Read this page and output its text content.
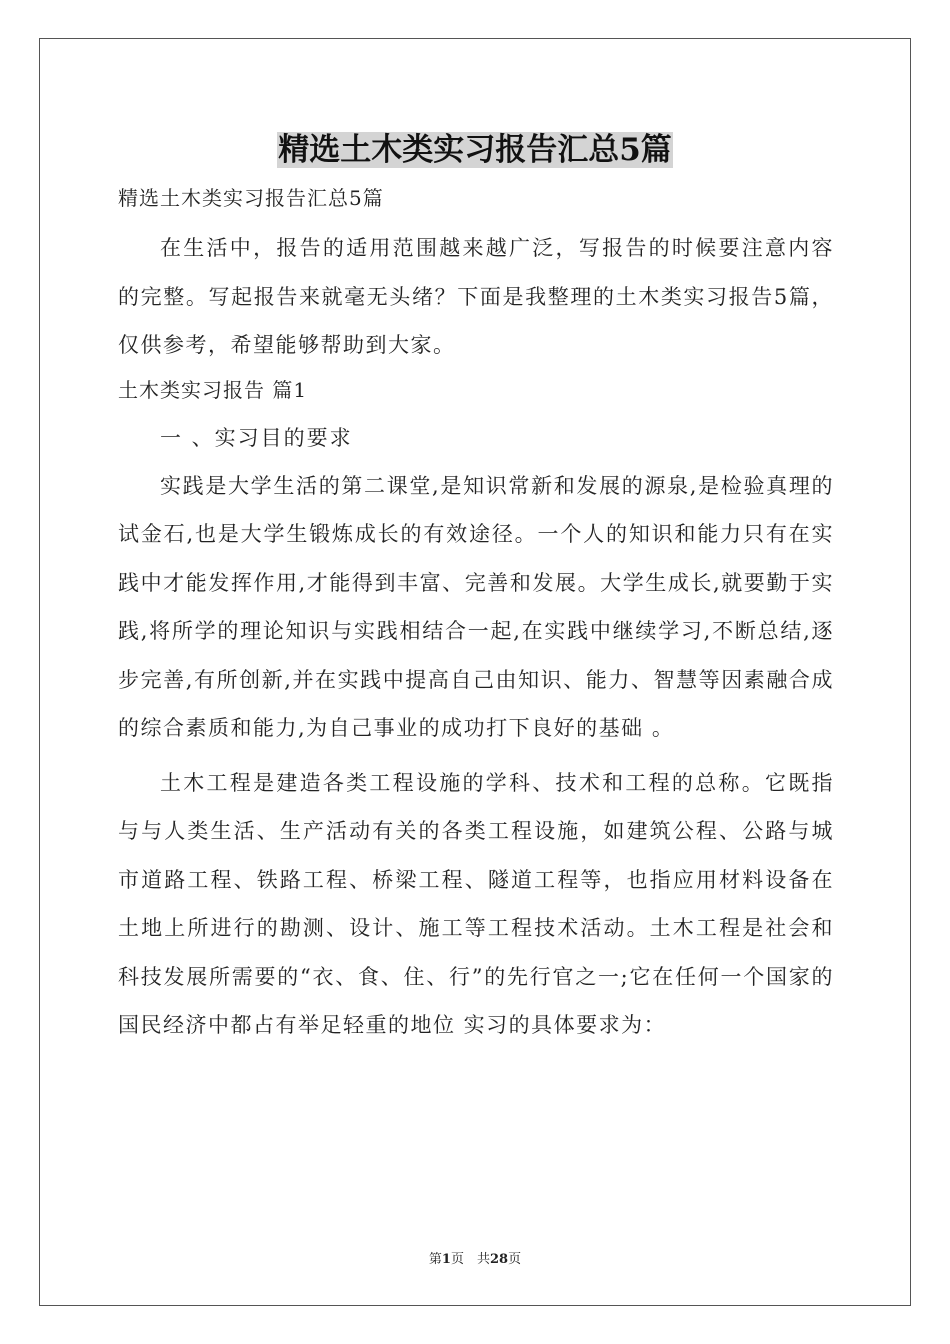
精选土木类实习报告汇总5篇

精选土木类实习报告汇总5篇

在生活中，报告的适用范围越来越广泛，写报告的时候要注意内容的完整。写起报告来就毫无头绪？下面是我整理的土木类实习报告5篇，仅供参考，希望能够帮助到大家。

土木类实习报告 篇1

一 、实习目的要求

实践是大学生活的第二课堂,是知识常新和发展的源泉,是检验真理的试金石,也是大学生锻炼成长的有效途径。一个人的知识和能力只有在实践中才能发挥作用,才能得到丰富、完善和发展。大学生成长,就要勤于实践,将所学的理论知识与实践相结合一起,在实践中继续学习,不断总结,逐步完善,有所创新,并在实践中提高自己由知识、能力、智慧等因素融合成的综合素质和能力,为自己事业的成功打下良好的基础 。

土木工程是建造各类工程设施的学科、技术和工程的总称。它既指与与人类生活、生产活动有关的各类工程设施，如建筑公程、公路与城市道路工程、铁路工程、桥梁工程、隧道工程等，也指应用材料设备在土地上所进行的勘测、设计、施工等工程技术活动。土木工程是社会和科技发展所需要的“衣、食、住、行”的先行官之一;它在任何一个国家的国民经济中都占有举足轻重的地位 实习的具体要求为：

第1页　共28页
